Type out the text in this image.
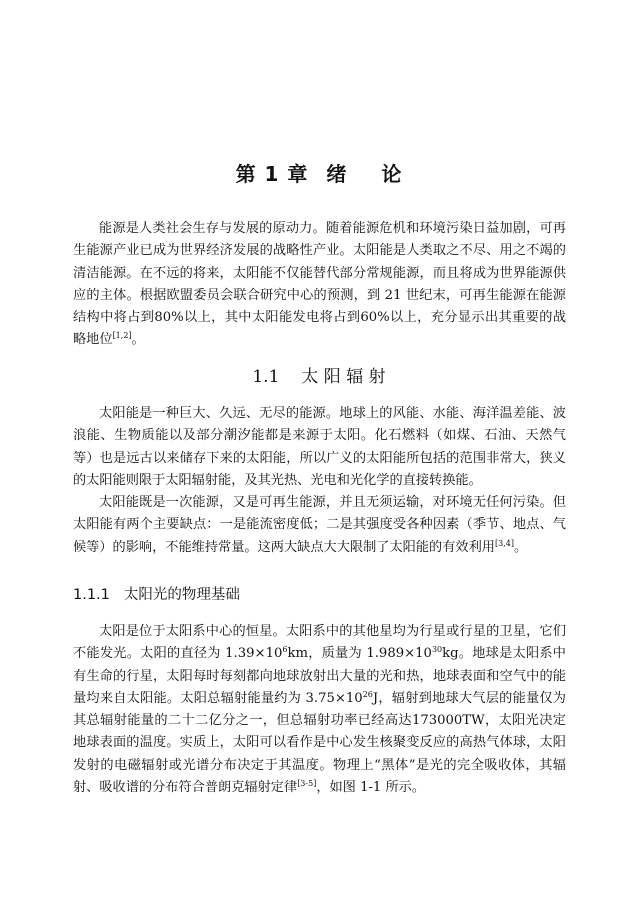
第 1 章 绪 论

能源是人类社会生存与发展的原动力。随着能源危机和环境污染日益加剧，可再生能源产业已成为世界经济发展的战略性产业。太阳能是人类取之不尽、用之不竭的清洁能源。在不远的将来，太阳能不仅能替代部分常规能源，而且将成为世界能源供应的主体。根据欧盟委员会联合研究中心的预测，到 21 世纪末，可再生能源在能源结构中将占到80%以上，其中太阳能发电将占到60%以上，充分显示出其重要的战略地位[1,2]。

1.1 太 阳 辐 射

太阳能是一种巨大、久远、无尽的能源。地球上的风能、水能、海洋温差能、波浪能、生物质能以及部分潮汐能都是来源于太阳。化石燃料（如煤、石油、天然气等）也是远古以来储存下来的太阳能，所以广义的太阳能所包括的范围非常大，狭义的太阳能则限于太阳辐射能，及其光热、光电和光化学的直接转换能。

太阳能既是一次能源，又是可再生能源，并且无须运输，对环境无任何污染。但太阳能有两个主要缺点：一是能流密度低；二是其强度受各种因素（季节、地点、气候等）的影响，不能维持常量。这两大缺点大大限制了太阳能的有效利用[3,4]。

1.1.1 太阳光的物理基础

太阳是位于太阳系中心的恒星。太阳系中的其他星均为行星或行星的卫星，它们不能发光。太阳的直径为 $1.39\times 10^6km$，质量为 $1.989\times 10^{30}kg$。地球是太阳系中有生命的行星，太阳每时每刻都向地球放射出大量的光和热，地球表面和空气中的能量均来自太阳能。太阳总辐射能量约为 $3.75\times 10^{26}J$，辐射到地球大气层的能量仅为其总辐射能量的二十二亿分之一，但总辐射功率已经高达173000TW，太阳光决定地球表面的温度。实质上，太阳可以看作是中心发生核聚变反应的高热气体球，太阳发射的电磁辐射或光谱分布决定于其温度。物理上“黑体”是光的完全吸收体，其辐射、吸收谱的分布符合普朗克辐射定律[3-5]，如图 1-1 所示。
